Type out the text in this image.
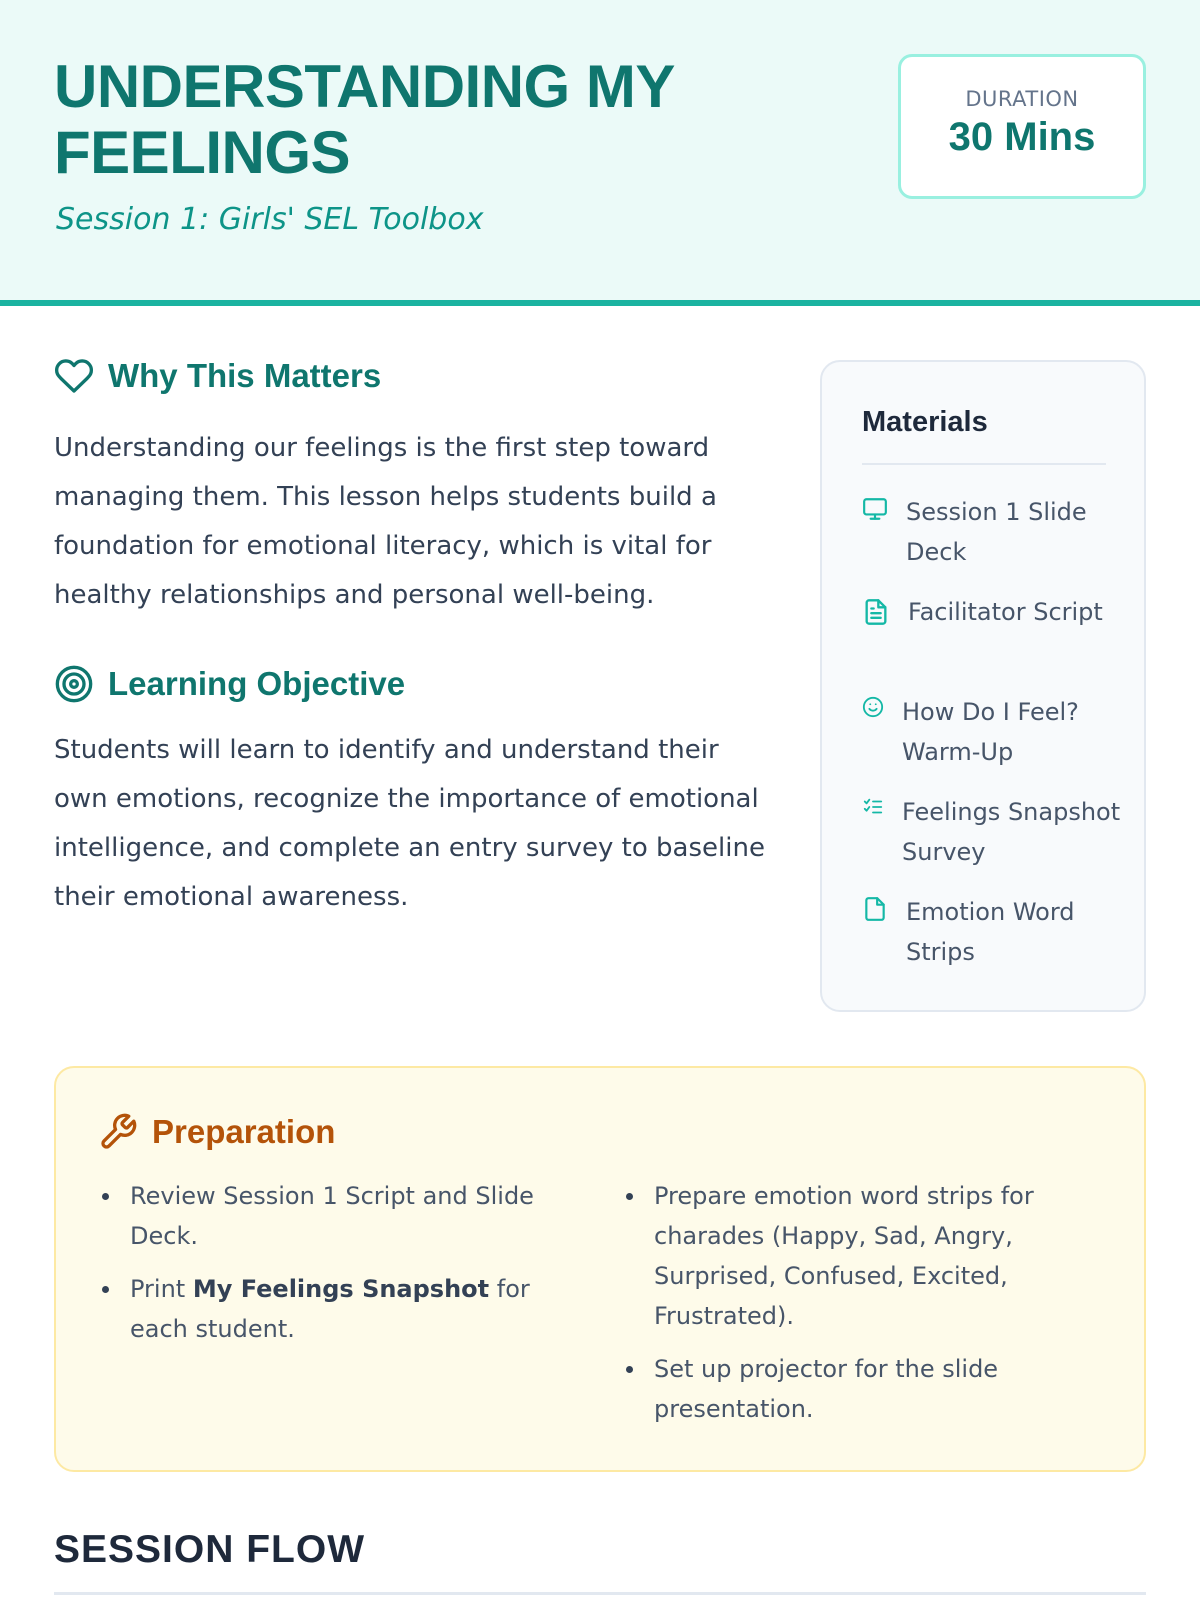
UNDERSTANDING MY FEELINGS
Session 1: Girls' SEL Toolbox
DURATION
30 Mins
Why This Matters

Understanding our feelings is the first step toward managing them. This lesson helps students build a foundation for emotional literacy, which is vital for healthy relationships and personal well-being.

Learning Objective

Students will learn to identify and understand their own emotions, recognize the importance of emotional intelligence, and complete an entry survey to baseline their emotional awareness.

Materials
Session 1 Slide Deck
Facilitator Script
How Do I Feel? Warm-Up
Feelings Snapshot Survey
Emotion Word Strips
Preparation
Review Session 1 Script and Slide Deck.
Print My Feelings Snapshot for each student.
Prepare emotion word strips for charades (Happy, Sad, Angry, Surprised, Confused, Excited, Frustrated).
Set up projector for the slide presentation.
SESSION FLOW
